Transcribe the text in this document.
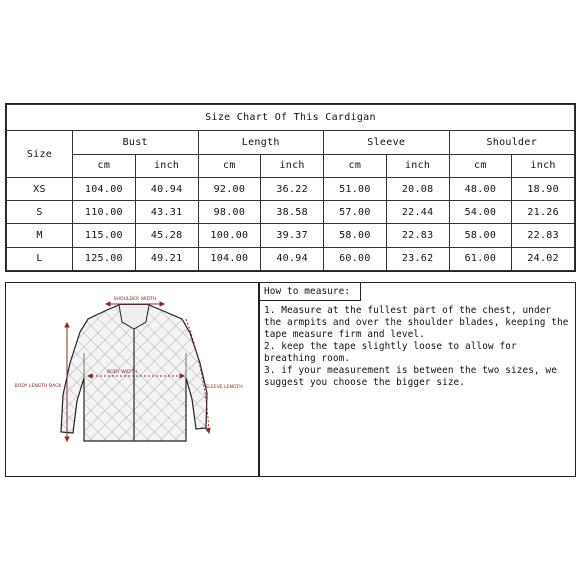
Size Chart Of This Cardigan								
Size	Bust		Length		Sleeve		Shoulder	
	cm	inch	cm	inch	cm	inch	cm	inch
XS	104.00	40.94	92.00	36.22	51.00	20.08	48.00	18.90
S	110.00	43.31	98.00	38.58	57.00	22.44	54.00	21.26
M	115.00	45.28	100.00	39.37	58.00	22.83	58.00	22.83
L	125.00	49.21	104.00	40.94	60.00	23.62	61.00	24.02
SHOULDER WIDTH
BODY WIDTH
BODY LENGTH BACK	SLEEVE LENGTH
How to measure:
1. Measure at the fullest part of the chest, under the armpits and over the shoulder blades, keeping the tape measure firm and level.
2. keep the tape slightly loose to allow for breathing room.
3. if your measurement is between the two sizes, we suggest you choose the bigger size.
